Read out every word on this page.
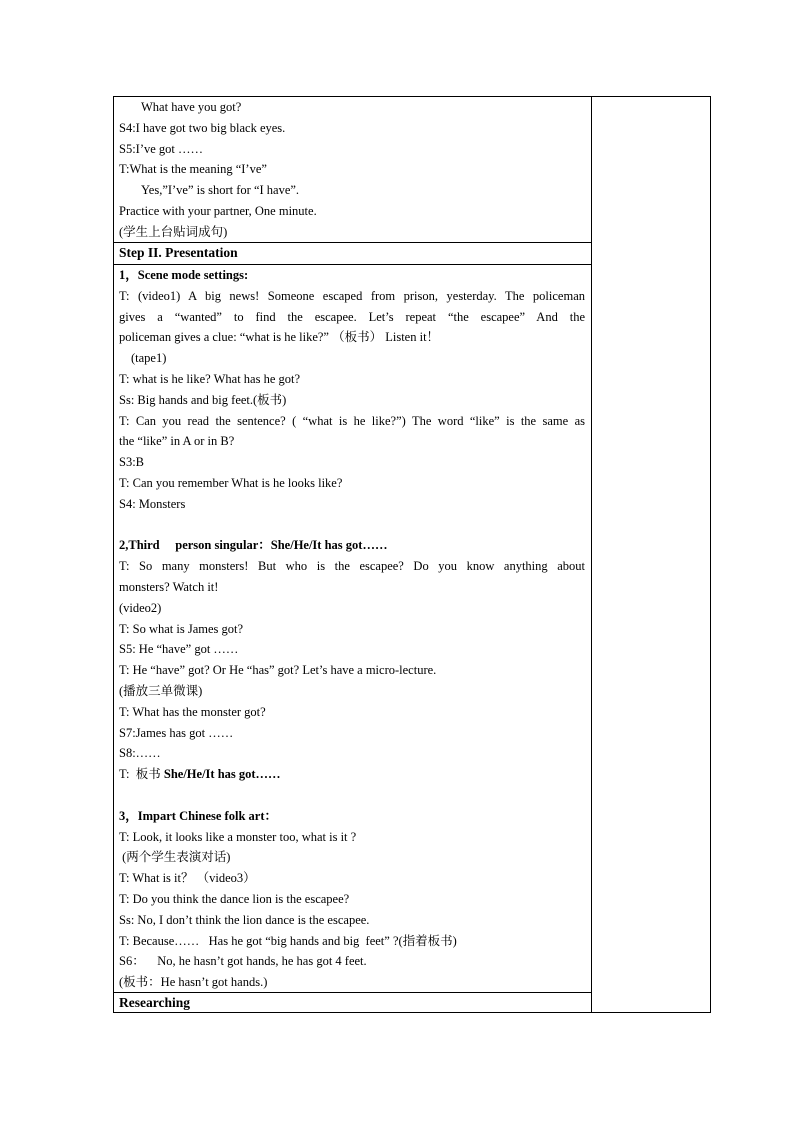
What have you got?
S4:I have got two big black eyes.
S5:I’ve got ……
T:What is the meaning “I’ve”
Yes,”I’ve” is short for “I have”.
Practice with your partner, One minute.
(学生上台贴词成句)
Step II. Presentation
1，Scene mode settings:
T: (video1) A big news! Someone escaped from prison, yesterday. The policeman
gives a “wanted” to find the escapee. Let’s repeat “the escapee” And the
policeman gives a clue: “what is he like?” （板书） Listen it！
(tape1)
T: what is he like? What has he got?
Ss: Big hands and big feet.(板书)
T: Can you read the sentence? ( “what is he like?”) The word “like” is the same as
the “like” in A or in B?
S3:B
T: Can you remember What is he looks like?
S4: Monsters
2,Third     person singular：She/He/It has got……
T: So many monsters! But who is the escapee? Do you know anything about
monsters? Watch it!
(video2)
T: So what is James got?
S5: He “have” got ……
T: He “have” got? Or He “has” got? Let’s have a micro-lecture.
(播放三单微课)
T: What has the monster got?
S7:James has got ……
S8:……
T:  板书 She/He/It has got……
3，Impart Chinese folk art：
T: Look, it looks like a monster too, what is it ?
(两个学生表演对话)
T: What is it？ （video3）
T: Do you think the dance lion is the escapee?
Ss: No, I don’t think the lion dance is the escapee.
T: Because……   Has he got “big hands and big  feet” ?(指着板书)
S6：    No, he hasn’t got hands, he has got 4 feet.
(板书：He hasn’t got hands.)
Researching
